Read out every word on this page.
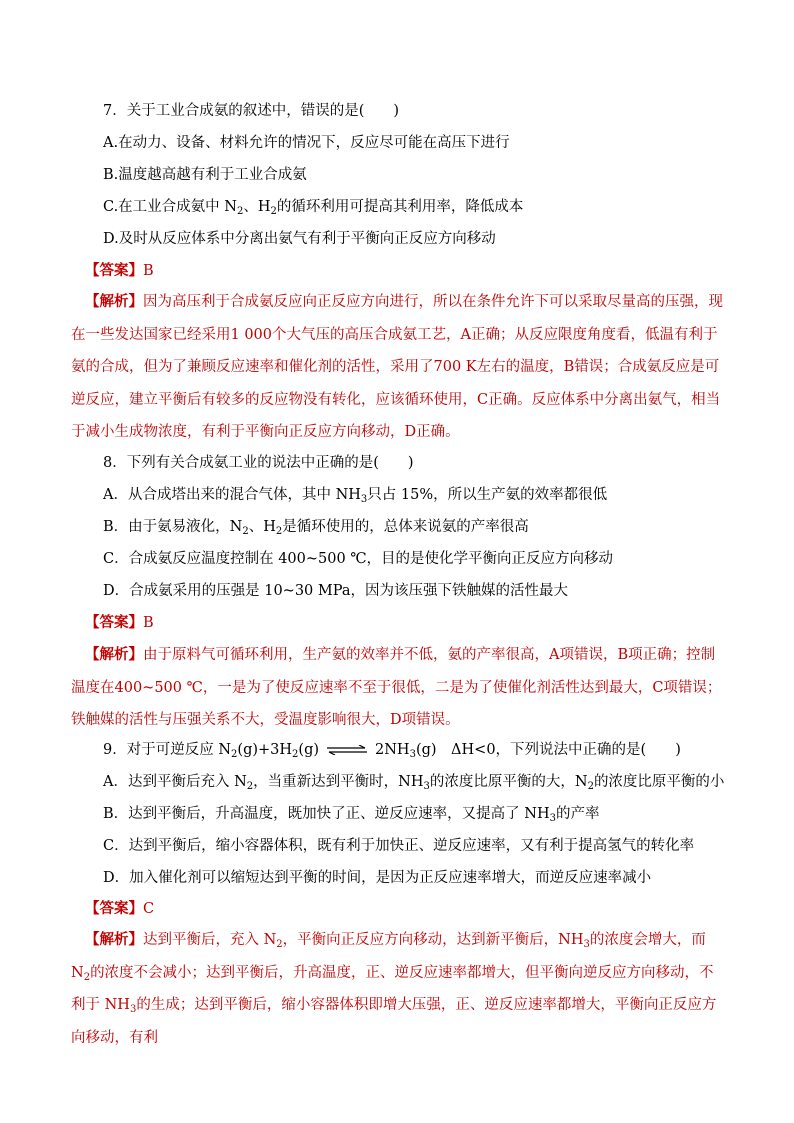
7．关于工业合成氨的叙述中，错误的是(　　)
A.在动力、设备、材料允许的情况下，反应尽可能在高压下进行
B.温度越高越有利于工业合成氨
C.在工业合成氨中 $N_2$、$H_2$的循环利用可提高其利用率，降低成本
D.及时从反应体系中分离出氨气有利于平衡向正反应方向移动
【答案】B
【解析】因为高压利于合成氨反应向正反应方向进行，所以在条件允许下可以采取尽量高的压强，现在一些发达国家已经采用1 000个大气压的高压合成氨工艺，A正确；从反应限度角度看，低温有利于氨的合成，但为了兼顾反应速率和催化剂的活性，采用了700 K左右的温度，B错误；合成氨反应是可逆反应，建立平衡后有较多的反应物没有转化，应该循环使用，C正确。反应体系中分离出氨气，相当于减小生成物浓度，有利于平衡向正反应方向移动，D正确。
8．下列有关合成氨工业的说法中正确的是(　　)
A．从合成塔出来的混合气体，其中 $NH_3$只占 15%，所以生产氨的效率都很低
B．由于氨易液化，$N_2$、$H_2$是循环使用的，总体来说氨的产率很高
C．合成氨反应温度控制在 400~500 ℃，目的是使化学平衡向正反应方向移动
D．合成氨采用的压强是 10~30 MPa，因为该压强下铁触媒的活性最大
【答案】B
【解析】由于原料气可循环利用，生产氨的效率并不低，氨的产率很高，A项错误，B项正确；控制温度在400~500 ℃，一是为了使反应速率不至于很低，二是为了使催化剂活性达到最大，C项错误；铁触媒的活性与压强关系不大，受温度影响很大，D项错误。
9．对于可逆反应 $N_2(g)+3H_2(g)$ ⇌ $2NH_3(g)$　ΔH<0，下列说法中正确的是(　　)
A．达到平衡后充入 $N_2$，当重新达到平衡时，$NH_3$的浓度比原平衡的大，$N_2$的浓度比原平衡的小
B．达到平衡后，升高温度，既加快了正、逆反应速率，又提高了 $NH_3$的产率
C．达到平衡后，缩小容器体积，既有利于加快正、逆反应速率，又有利于提高氢气的转化率
D．加入催化剂可以缩短达到平衡的时间，是因为正反应速率增大，而逆反应速率减小
【答案】C
【解析】达到平衡后，充入 $N_2$，平衡向正反应方向移动，达到新平衡后，$NH_3$的浓度会增大，而 $N_2$的浓度不会减小；达到平衡后，升高温度，正、逆反应速率都增大，但平衡向逆反应方向移动，不利于 $NH_3$的生成；达到平衡后，缩小容器体积即增大压强，正、逆反应速率都增大，平衡向正反应方向移动，有利
